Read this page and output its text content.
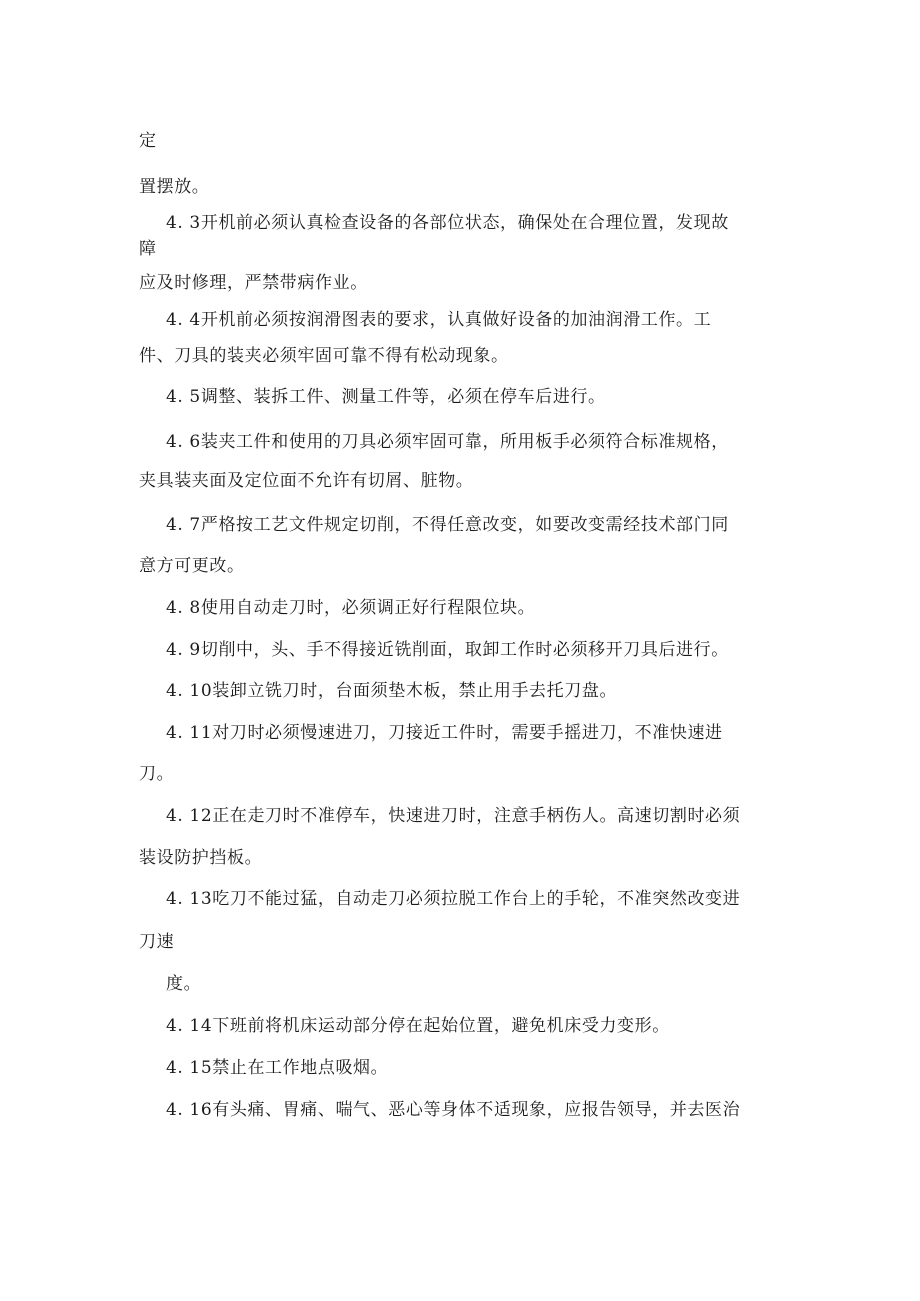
定
置摆放。
4. 3开机前必须认真检查设备的各部位状态，确保处在合理位置，发现故
障
应及时修理，严禁带病作业。
4. 4开机前必须按润滑图表的要求，认真做好设备的加油润滑工作。工
件、刀具的装夹必须牢固可靠不得有松动现象。
4. 5调整、装拆工件、测量工件等，必须在停车后进行。
4. 6装夹工件和使用的刀具必须牢固可靠，所用板手必须符合标准规格，
夹具装夹面及定位面不允许有切屑、脏物。
4. 7严格按工艺文件规定切削，不得任意改变，如要改变需经技术部门同
意方可更改。
4. 8使用自动走刀时，必须调正好行程限位块。
4. 9切削中，头、手不得接近铣削面，取卸工作时必须移开刀具后进行。
4. 10装卸立铣刀时，台面须垫木板，禁止用手去托刀盘。
4. 11对刀时必须慢速进刀，刀接近工件时，需要手摇进刀，不准快速进
刀。
4. 12正在走刀时不准停车，快速进刀时，注意手柄伤人。高速切割时必须
装设防护挡板。
4. 13吃刀不能过猛，自动走刀必须拉脱工作台上的手轮，不准突然改变进
刀速
度。
4. 14下班前将机床运动部分停在起始位置，避免机床受力变形。
4. 15禁止在工作地点吸烟。
4. 16有头痛、胃痛、喘气、恶心等身体不适现象，应报告领导，并去医治
